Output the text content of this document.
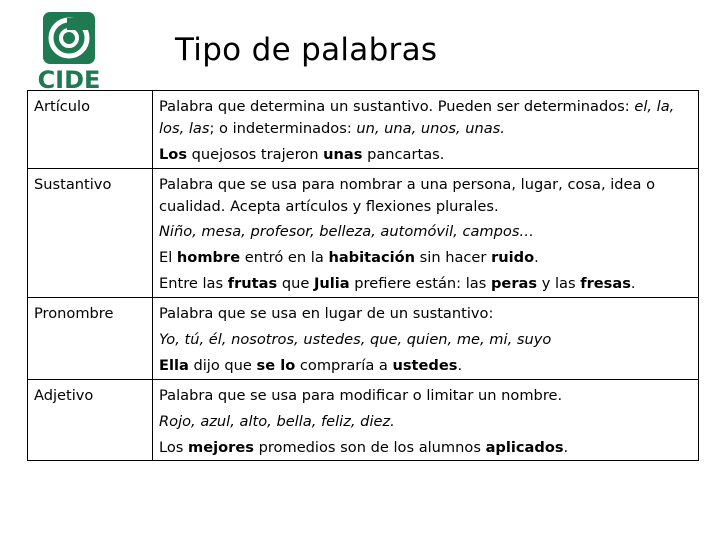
CIDE
Tipo de palabras
Artículo	Palabra que determina un sustantivo. Pueden ser determinados: el, la, los, las; o indeterminados: un, una, unos, unas.

Los quejosos trajeron unas pancartas.

Sustantivo	Palabra que se usa para nombrar a una persona, lugar, cosa, idea o cualidad. Acepta artículos y flexiones plurales.

Niño, mesa, profesor, belleza, automóvil, campos…

El hombre entró en la habitación sin hacer ruido.

Entre las frutas que Julia prefiere están: las peras y las fresas.

Pronombre	Palabra que se usa en lugar de un sustantivo:

Yo, tú, él, nosotros, ustedes, que, quien, me, mi, suyo

Ella dijo que se lo compraría a ustedes.

Adjetivo	Palabra que se usa para modificar o limitar un nombre.

Rojo, azul, alto, bella, feliz, diez.

Los mejores promedios son de los alumnos aplicados.
